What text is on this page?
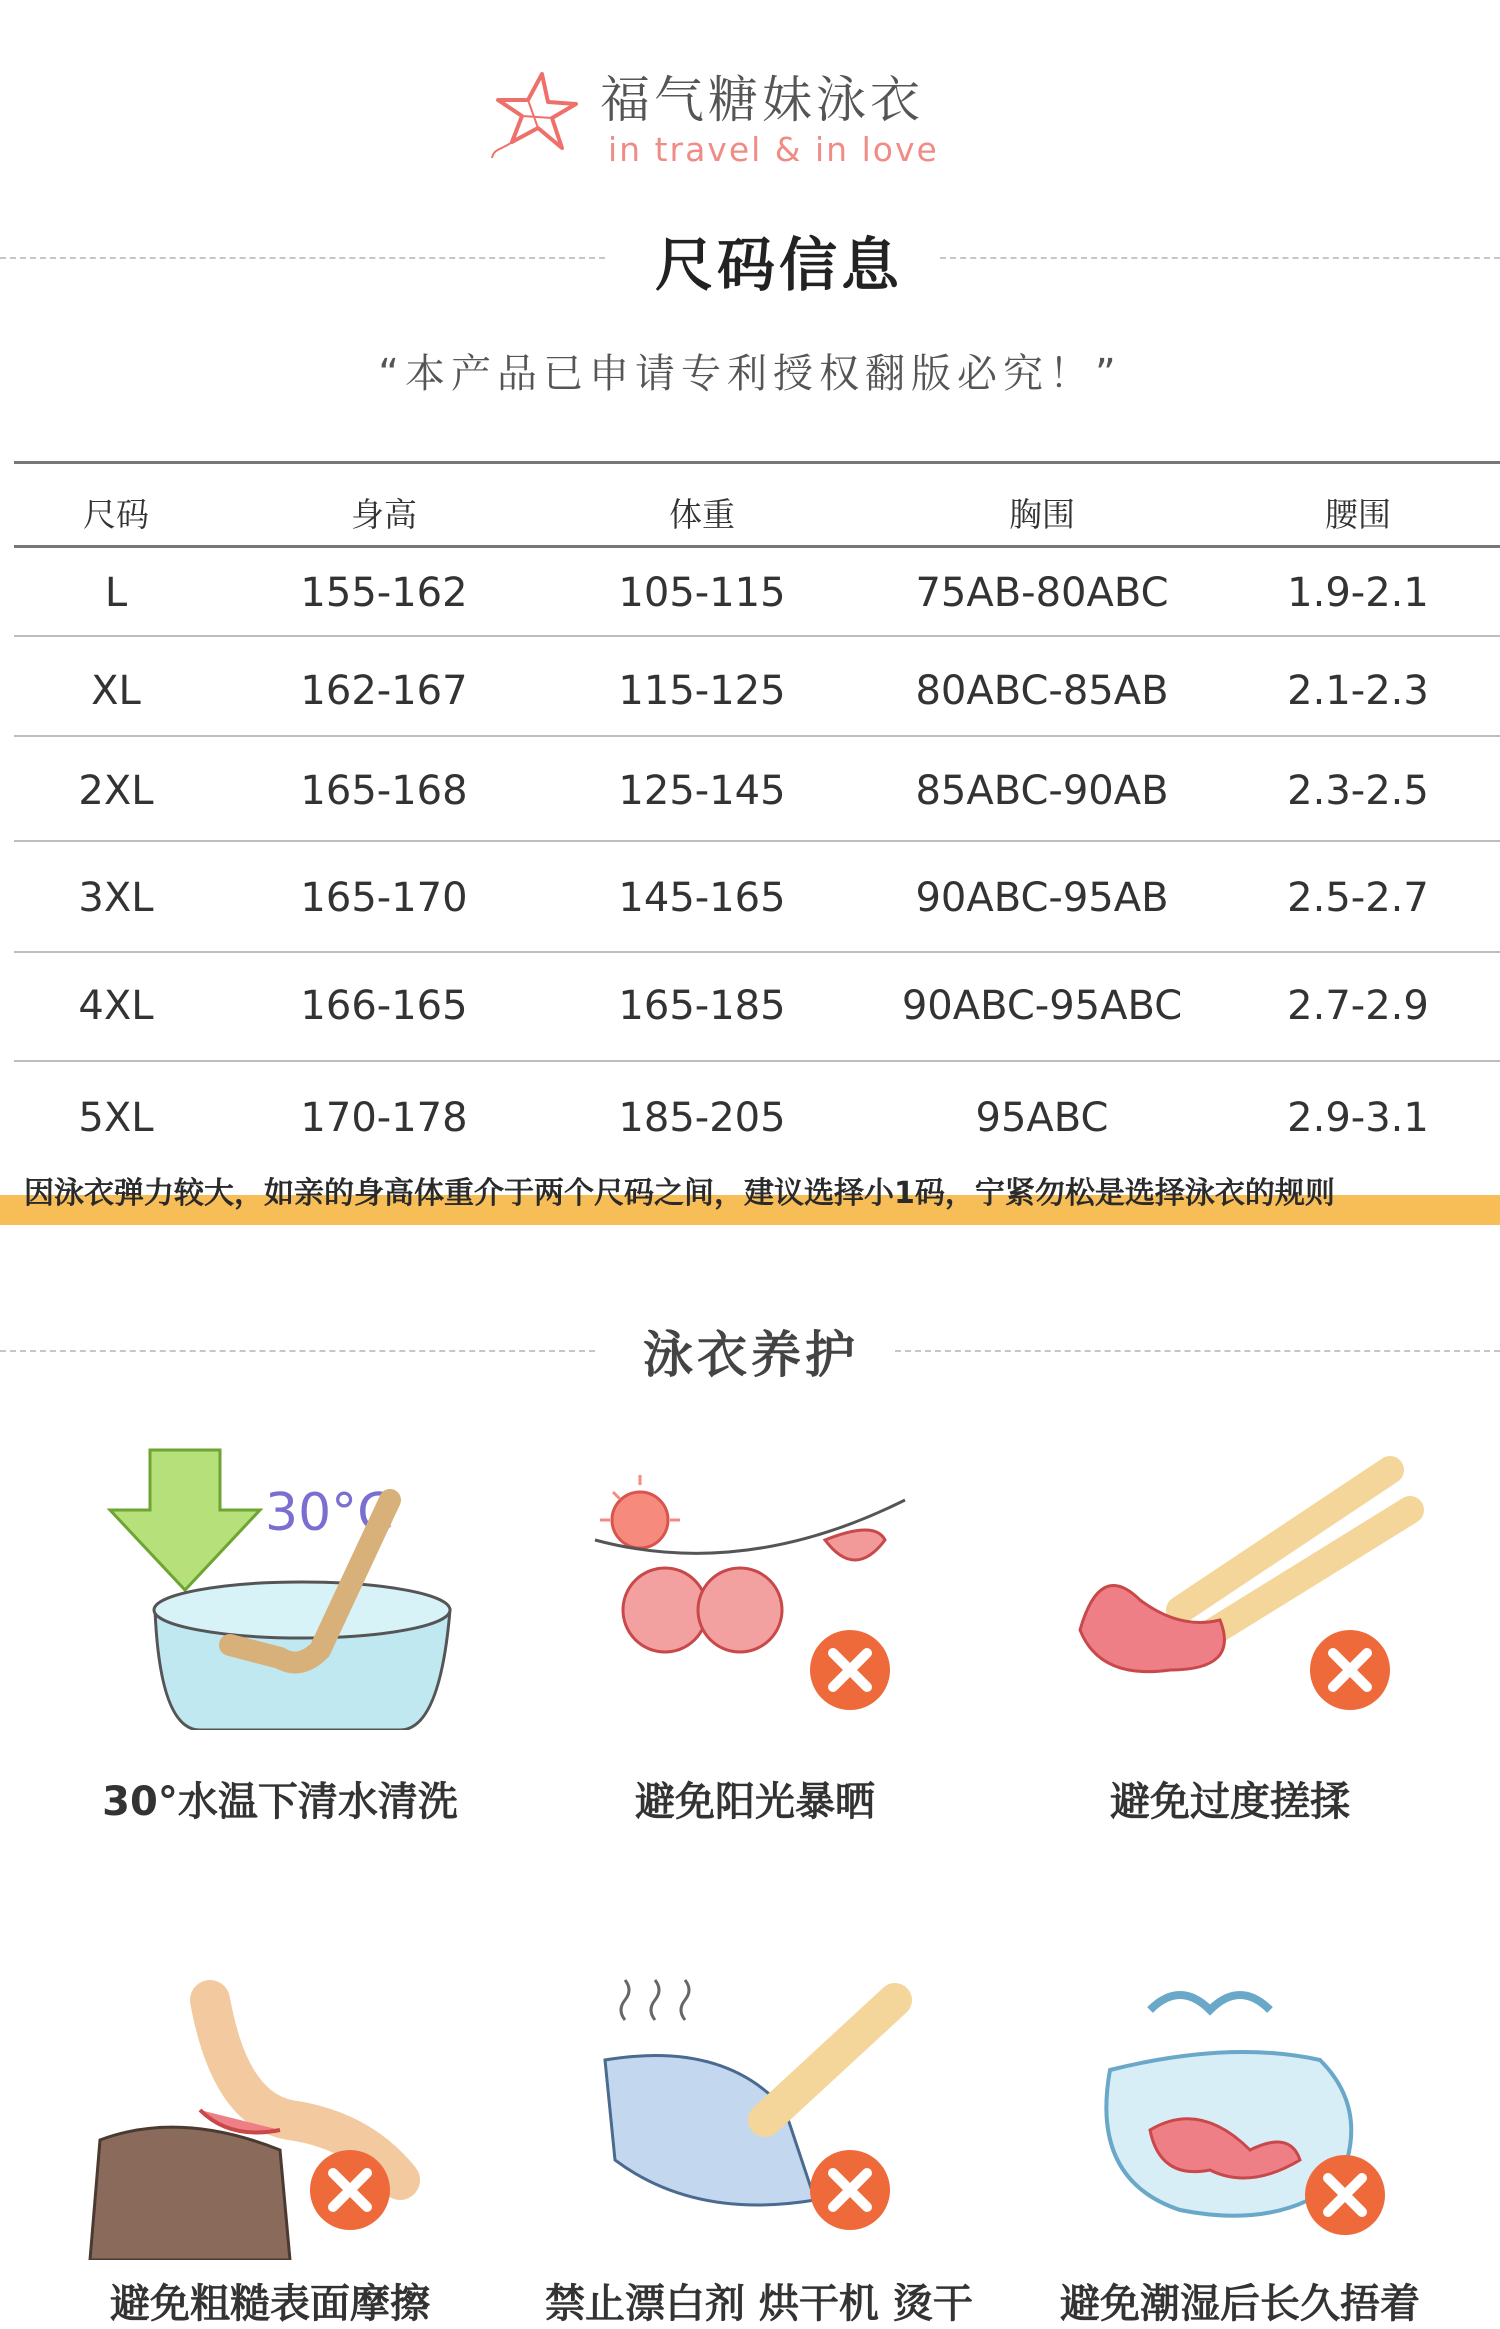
福气糖妹泳衣
in travel & in love
尺码信息
“本产品已申请专利授权翻版必究！”
尺码	身高	体重	胸围	腰围
L	155-162	105-115	75AB-80ABC	1.9-2.1
XL	162-167	115-125	80ABC-85AB	2.1-2.3
2XL	165-168	125-145	85ABC-90AB	2.3-2.5
3XL	165-170	145-165	90ABC-95AB	2.5-2.7
4XL	166-165	165-185	90ABC-95ABC	2.7-2.9
5XL	170-178	185-205	95ABC	2.9-3.1
因泳衣弹力较大，如亲的身高体重介于两个尺码之间，建议选择小1码，宁紧勿松是选择泳衣的规则
泳衣养护
30°C
30°水温下清水清洗	避免阳光暴晒	避免过度搓揉
避免粗糙表面摩擦	禁止漂白剂 烘干机 烫干	避免潮湿后长久捂着
